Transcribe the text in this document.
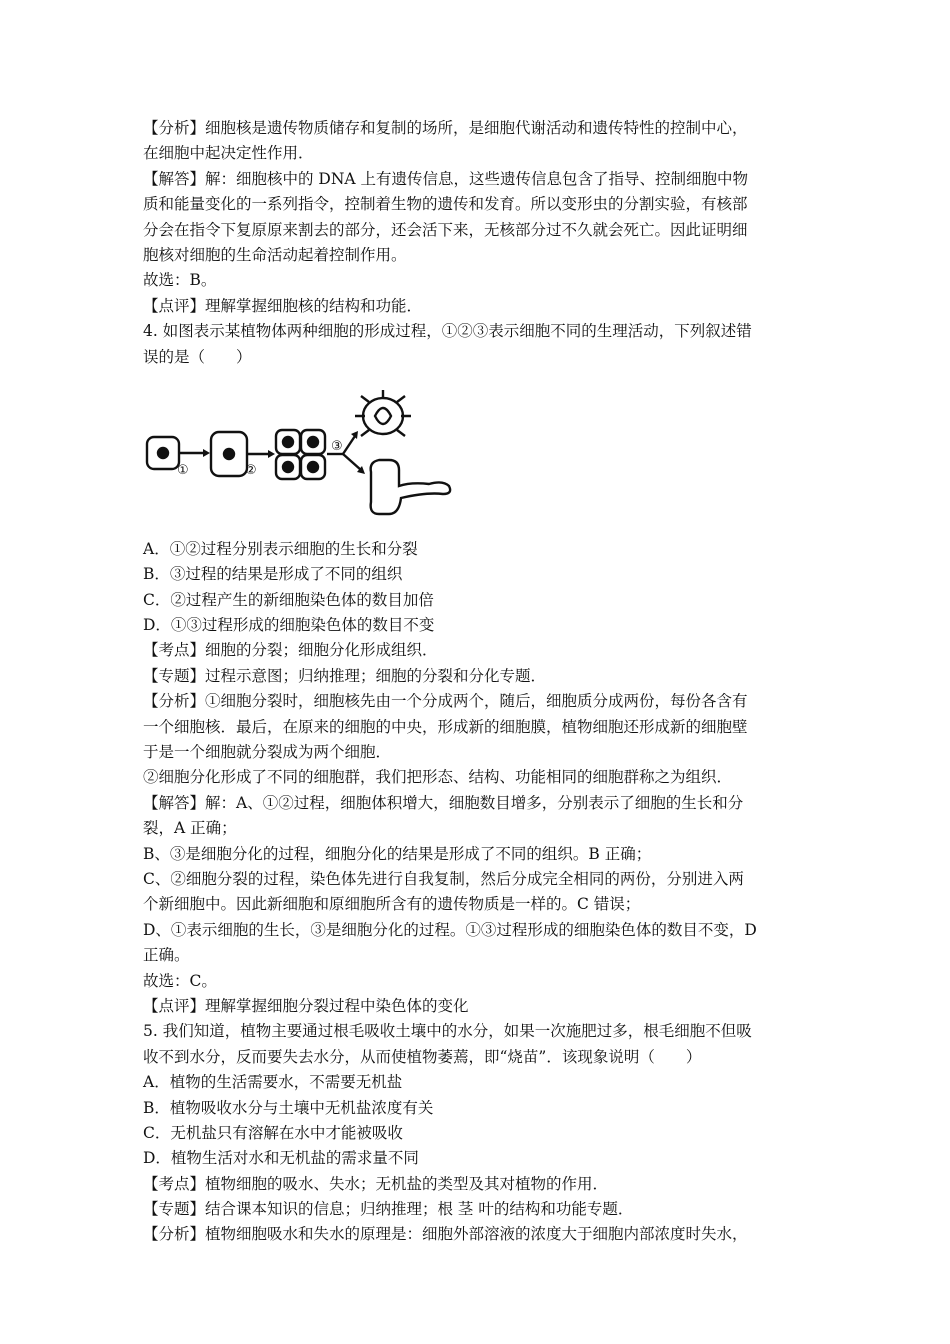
【分析】细胞核是遗传物质储存和复制的场所，是细胞代谢活动和遗传特性的控制中心，
在细胞中起决定性作用．
【解答】解：细胞核中的 DNA 上有遗传信息，这些遗传信息包含了指导、控制细胞中物
质和能量变化的一系列指令，控制着生物的遗传和发育。所以变形虫的分割实验，有核部
分会在指令下复原原来割去的部分，还会活下来，无核部分过不久就会死亡。因此证明细
胞核对细胞的生命活动起着控制作用。
故选：B。
【点评】理解掌握细胞核的结构和功能．
4. 如图表示某植物体两种细胞的形成过程，①②③表示细胞不同的生理活动，下列叙述错
误的是（　　）
①	②
③
A．①②过程分别表示细胞的生长和分裂
B．③过程的结果是形成了不同的组织
C．②过程产生的新细胞染色体的数目加倍
D．①③过程形成的细胞染色体的数目不变
【考点】细胞的分裂；细胞分化形成组织．
【专题】过程示意图；归纳推理；细胞的分裂和分化专题．
【分析】①细胞分裂时，细胞核先由一个分成两个，随后，细胞质分成两份，每份各含有
一个细胞核．最后，在原来的细胞的中央，形成新的细胞膜，植物细胞还形成新的细胞壁
于是一个细胞就分裂成为两个细胞．
②细胞分化形成了不同的细胞群，我们把形态、结构、功能相同的细胞群称之为组织．
【解答】解：A、①②过程，细胞体积增大，细胞数目增多，分别表示了细胞的生长和分
裂，A 正确；
B、③是细胞分化的过程，细胞分化的结果是形成了不同的组织。B 正确；
C、②细胞分裂的过程，染色体先进行自我复制，然后分成完全相同的两份，分别进入两
个新细胞中。因此新细胞和原细胞所含有的遗传物质是一样的。C 错误；
D、①表示细胞的生长，③是细胞分化的过程。①③过程形成的细胞染色体的数目不变，D
正确。
故选：C。
【点评】理解掌握细胞分裂过程中染色体的变化
5. 我们知道，植物主要通过根毛吸收土壤中的水分，如果一次施肥过多，根毛细胞不但吸
收不到水分，反而要失去水分，从而使植物萎蔫，即“烧苗”．该现象说明（　　）
A．植物的生活需要水，不需要无机盐
B．植物吸收水分与土壤中无机盐浓度有关
C．无机盐只有溶解在水中才能被吸收
D．植物生活对水和无机盐的需求量不同
【考点】植物细胞的吸水、失水；无机盐的类型及其对植物的作用．
【专题】结合课本知识的信息；归纳推理；根 茎 叶的结构和功能专题．
【分析】植物细胞吸水和失水的原理是：细胞外部溶液的浓度大于细胞内部浓度时失水，
